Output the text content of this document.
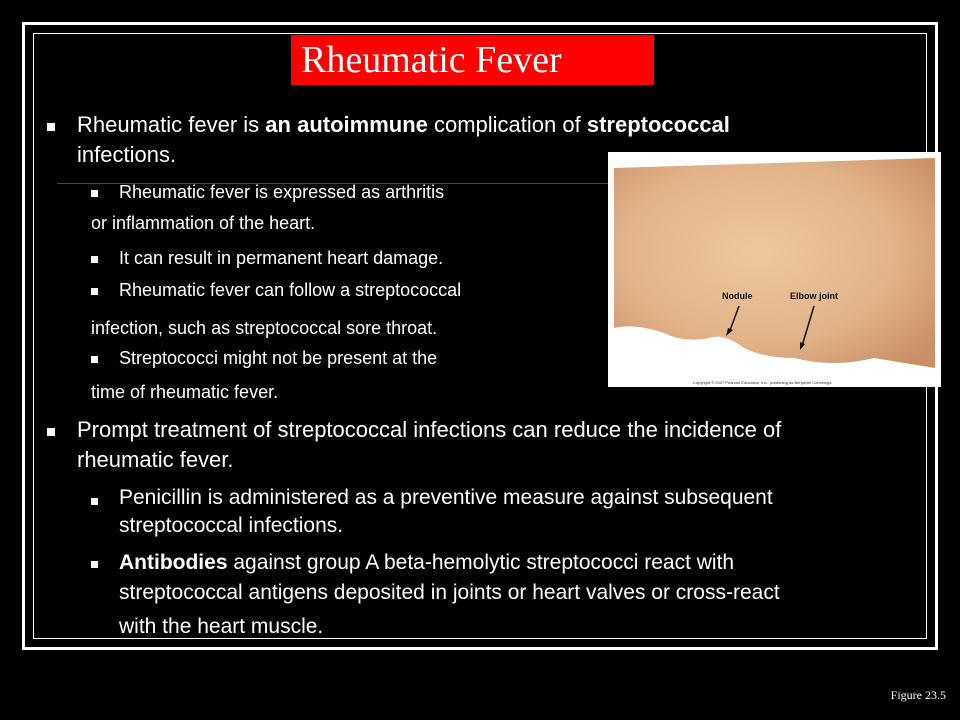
Rheumatic Fever
Rheumatic fever is an autoimmune complication of streptococcal
infections.
Rheumatic fever is expressed as arthritis
or inflammation of the heart.
It can result in permanent heart damage.
Rheumatic fever can follow a streptococcal
infection, such as streptococcal sore throat.
Streptococci might not be present at the
time of rheumatic fever.
Prompt treatment of streptococcal infections can reduce the incidence of
rheumatic fever.
Penicillin is administered as a preventive measure against subsequent
streptococcal infections.
Antibodies against group A beta-hemolytic streptococci react with
streptococcal antigens deposited in joints or heart valves or cross-react
with the heart muscle.
Nodule	Elbow joint
Copyright © 2007 Pearson Education, Inc., publishing as Benjamin Cummings.
Figure 23.5
